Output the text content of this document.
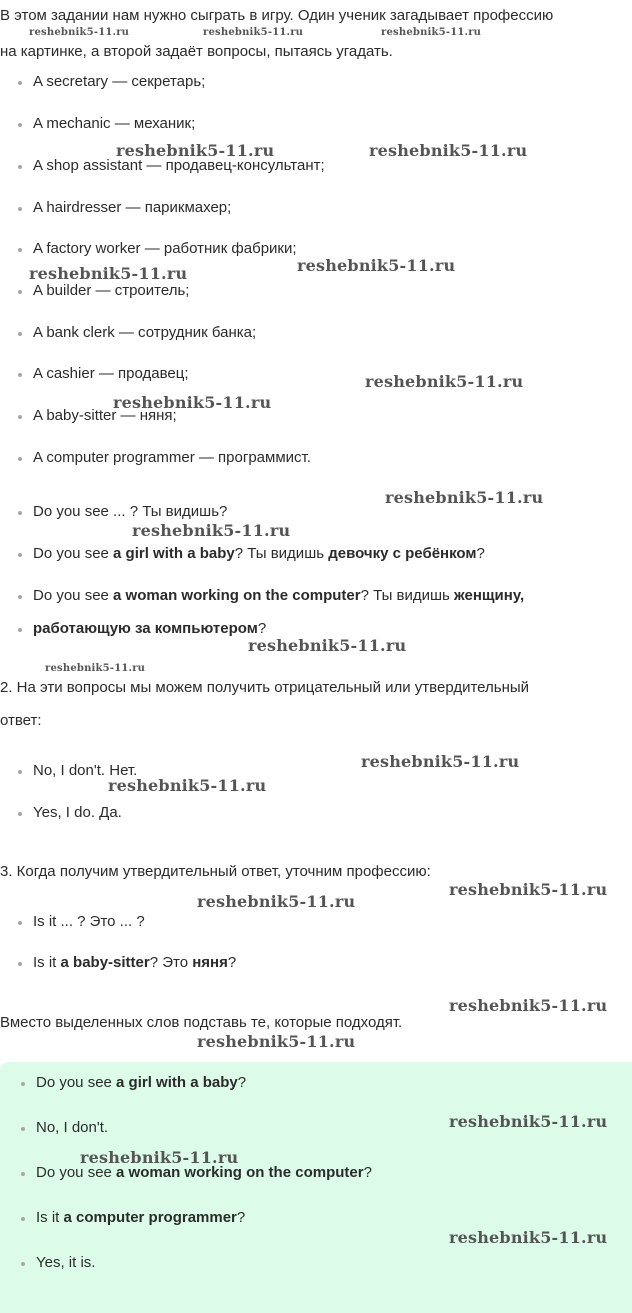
В этом задании нам нужно сыграть в игру. Один ученик загадывает профессию

на картинке, а второй задаёт вопросы, пытаясь угадать.

A secretary — секретарь;
A mechanic — механик;
A shop assistant — продавец-консультант;
A hairdresser — парикмахер;
A factory worker — работник фабрики;
A builder — строитель;
A bank clerk — сотрудник банка;
A cashier — продавец;
A baby-sitter — няня;
A computer programmer — программист.
Do you see ... ? Ты видишь?
Do you see a girl with a baby? Ты видишь девочку с ребёнком?
Do you see a woman working on the computer? Ты видишь женщину,
работающую за компьютером?

2. На эти вопросы мы можем получить отрицательный или утвердительный

ответ:

No, I don't. Нет.
Yes, I do. Да.

3. Когда получим утвердительный ответ, уточним профессию:

Is it ... ? Это ... ?
Is it a baby-sitter? Это няня?

Вместо выделенных слов подставь те, которые подходят.

Do you see a girl with a baby?
No, I don't.
Do you see a woman working on the computer?
Is it a computer programmer?
Yes, it is.
reshebnik5-11.ru	reshebnik5-11.ru	reshebnik5-11.ru
reshebnik5-11.ru	reshebnik5-11.ru
reshebnik5-11.ru
reshebnik5-11.ru
reshebnik5-11.ru
reshebnik5-11.ru
reshebnik5-11.ru
reshebnik5-11.ru
reshebnik5-11.ru
reshebnik5-11.ru
reshebnik5-11.ru
reshebnik5-11.ru
reshebnik5-11.ru
reshebnik5-11.ru
reshebnik5-11.ru
reshebnik5-11.ru
reshebnik5-11.ru
reshebnik5-11.ru
reshebnik5-11.ru
